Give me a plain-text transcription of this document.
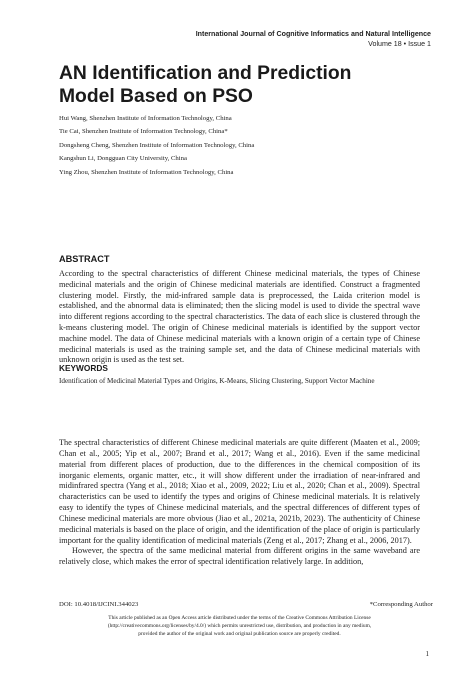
International Journal of Cognitive Informatics and Natural Intelligence
Volume 18 • Issue 1
AN Identification and Prediction
Model Based on PSO
Hui Wang, Shenzhen Institute of Information Technology, China
Tie Cai, Shenzhen Institute of Information Technology, China*
Dongsheng Cheng, Shenzhen Institute of Information Technology, China
Kangshun Li, Dongguan City University, China
Ying Zhou, Shenzhen Institute of Information Technology, China
ABSTRACT

According to the spectral characteristics of different Chinese medicinal materials, the types of Chinese medicinal materials and the origin of Chinese medicinal materials are identified. Construct a fragmented clustering model. Firstly, the mid-infrared sample data is preprocessed, the Laida criterion model is established, and the abnormal data is eliminated; then the slicing model is used to divide the spectral wave into different regions according to the spectral characteristics. The data of each slice is clustered through the k-means clustering model. The origin of Chinese medicinal materials is identified by the support vector machine model. The data of Chinese medicinal materials with a known origin of a certain type of Chinese medicinal materials is used as the training sample set, and the data of Chinese medicinal materials with unknown origin is used as the test set.

KEYWORDS

Identification of Medicinal Material Types and Origins, K-Means, Slicing Clustering, Support Vector Machine

The spectral characteristics of different Chinese medicinal materials are quite different (Maaten et al., 2009; Chan et al., 2005; Yip et al., 2007; Brand et al., 2017; Wang et al., 2016). Even if the same medicinal material from different places of production, due to the differences in the chemical composition of its inorganic elements, organic matter, etc., it will show different under the irradiation of near-infrared and midinfrared spectra (Yang et al., 2018; Xiao et al., 2009, 2022; Liu et al., 2020; Chan et al., 2009). Spectral characteristics can be used to identify the types and origins of Chinese medicinal materials. It is relatively easy to identify the types of Chinese medicinal materials, and the spectral differences of different types of Chinese medicinal materials are more obvious (Jiao et al., 2021a, 2021b, 2023). The authenticity of Chinese medicinal materials is based on the place of origin, and the identification of the place of origin is particularly important for the quality identification of medicinal materials (Zeng et al., 2017; Zhang et al., 2006, 2017).

However, the spectra of the same medicinal material from different origins in the same waveband are relatively close, which makes the error of spectral identification relatively large. In addition,

DOI: 10.4018/IJCINI.344023	*Corresponding Author
This article published as an Open Access article distributed under the terms of the Creative Commons Attribution License
(http://creativecommons.org/licenses/by/4.0/) which permits unrestricted use, distribution, and production in any medium,
provided the author of the original work and original publication source are properly credited.
1
